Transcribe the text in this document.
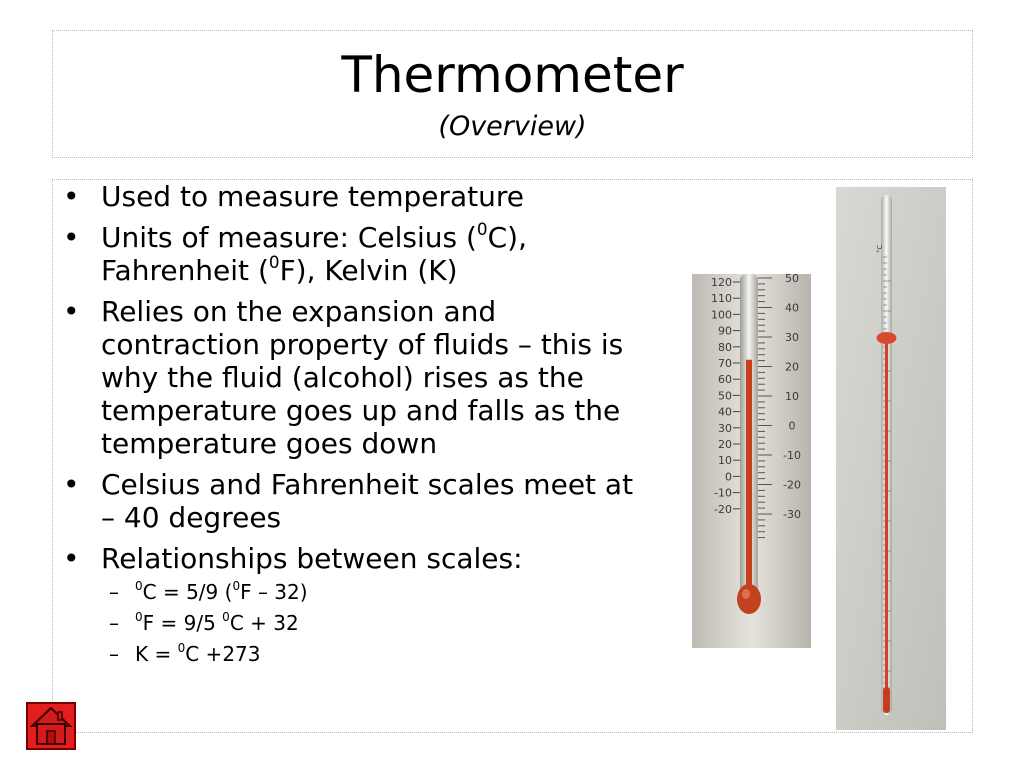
Thermometer
(Overview)
• Used to measure temperature
• Units of measure: Celsius ($^0$C), Fahrenheit ($^0$F), Kelvin (K)
• Relies on the expansion and contraction property of fluids – this is why the fluid (alcohol) rises as the temperature goes up and falls as the temperature goes down
• Celsius and Fahrenheit scales meet at – 40 degrees
• Relationships between scales:
– $^0$C = 5/9 ($^0$F – 32)
– $^0$F = 9/5 $^0$C + 32
– K = $^0$C +273
120
110
100
90
80
70
60
50
40
30
20
10
0
-10
-20
50
40
30
20
10
0
-10
-20
-30
°C
